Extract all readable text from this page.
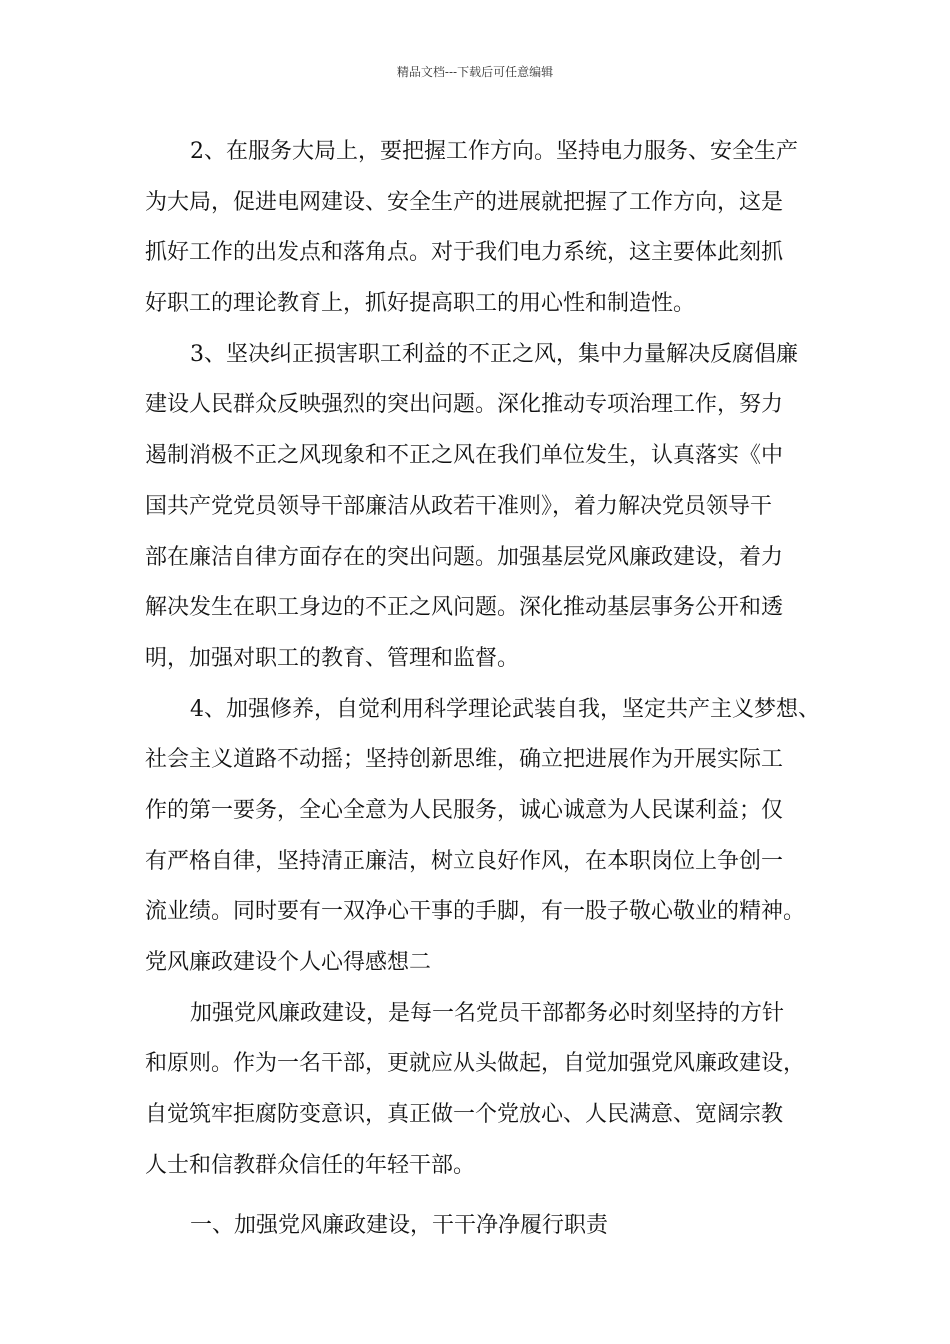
精品文档---下载后可任意编辑
2、在服务大局上，要把握工作方向。坚持电力服务、安全生产
为大局，促进电网建设、安全生产的进展就把握了工作方向，这是
抓好工作的出发点和落角点。对于我们电力系统，这主要体此刻抓
好职工的理论教育上，抓好提高职工的用心性和制造性。
3、坚决纠正损害职工利益的不正之风，集中力量解决反腐倡廉
建设人民群众反映强烈的突出问题。深化推动专项治理工作，努力
遏制消极不正之风现象和不正之风在我们单位发生，认真落实《中
国共产党党员领导干部廉洁从政若干准则》，着力解决党员领导干
部在廉洁自律方面存在的突出问题。加强基层党风廉政建设，着力
解决发生在职工身边的不正之风问题。深化推动基层事务公开和透
明，加强对职工的教育、管理和监督。
4、加强修养，自觉利用科学理论武装自我，坚定共产主义梦想、
社会主义道路不动摇；坚持创新思维，确立把进展作为开展实际工
作的第一要务，全心全意为人民服务，诚心诚意为人民谋利益；仅
有严格自律，坚持清正廉洁，树立良好作风，在本职岗位上争创一
流业绩。同时要有一双净心干事的手脚，有一股子敬心敬业的精神。
党风廉政建设个人心得感想二
加强党风廉政建设，是每一名党员干部都务必时刻坚持的方针
和原则。作为一名干部，更就应从头做起，自觉加强党风廉政建设，
自觉筑牢拒腐防变意识，真正做一个党放心、人民满意、宽阔宗教
人士和信教群众信任的年轻干部。
一、加强党风廉政建设，干干净净履行职责
